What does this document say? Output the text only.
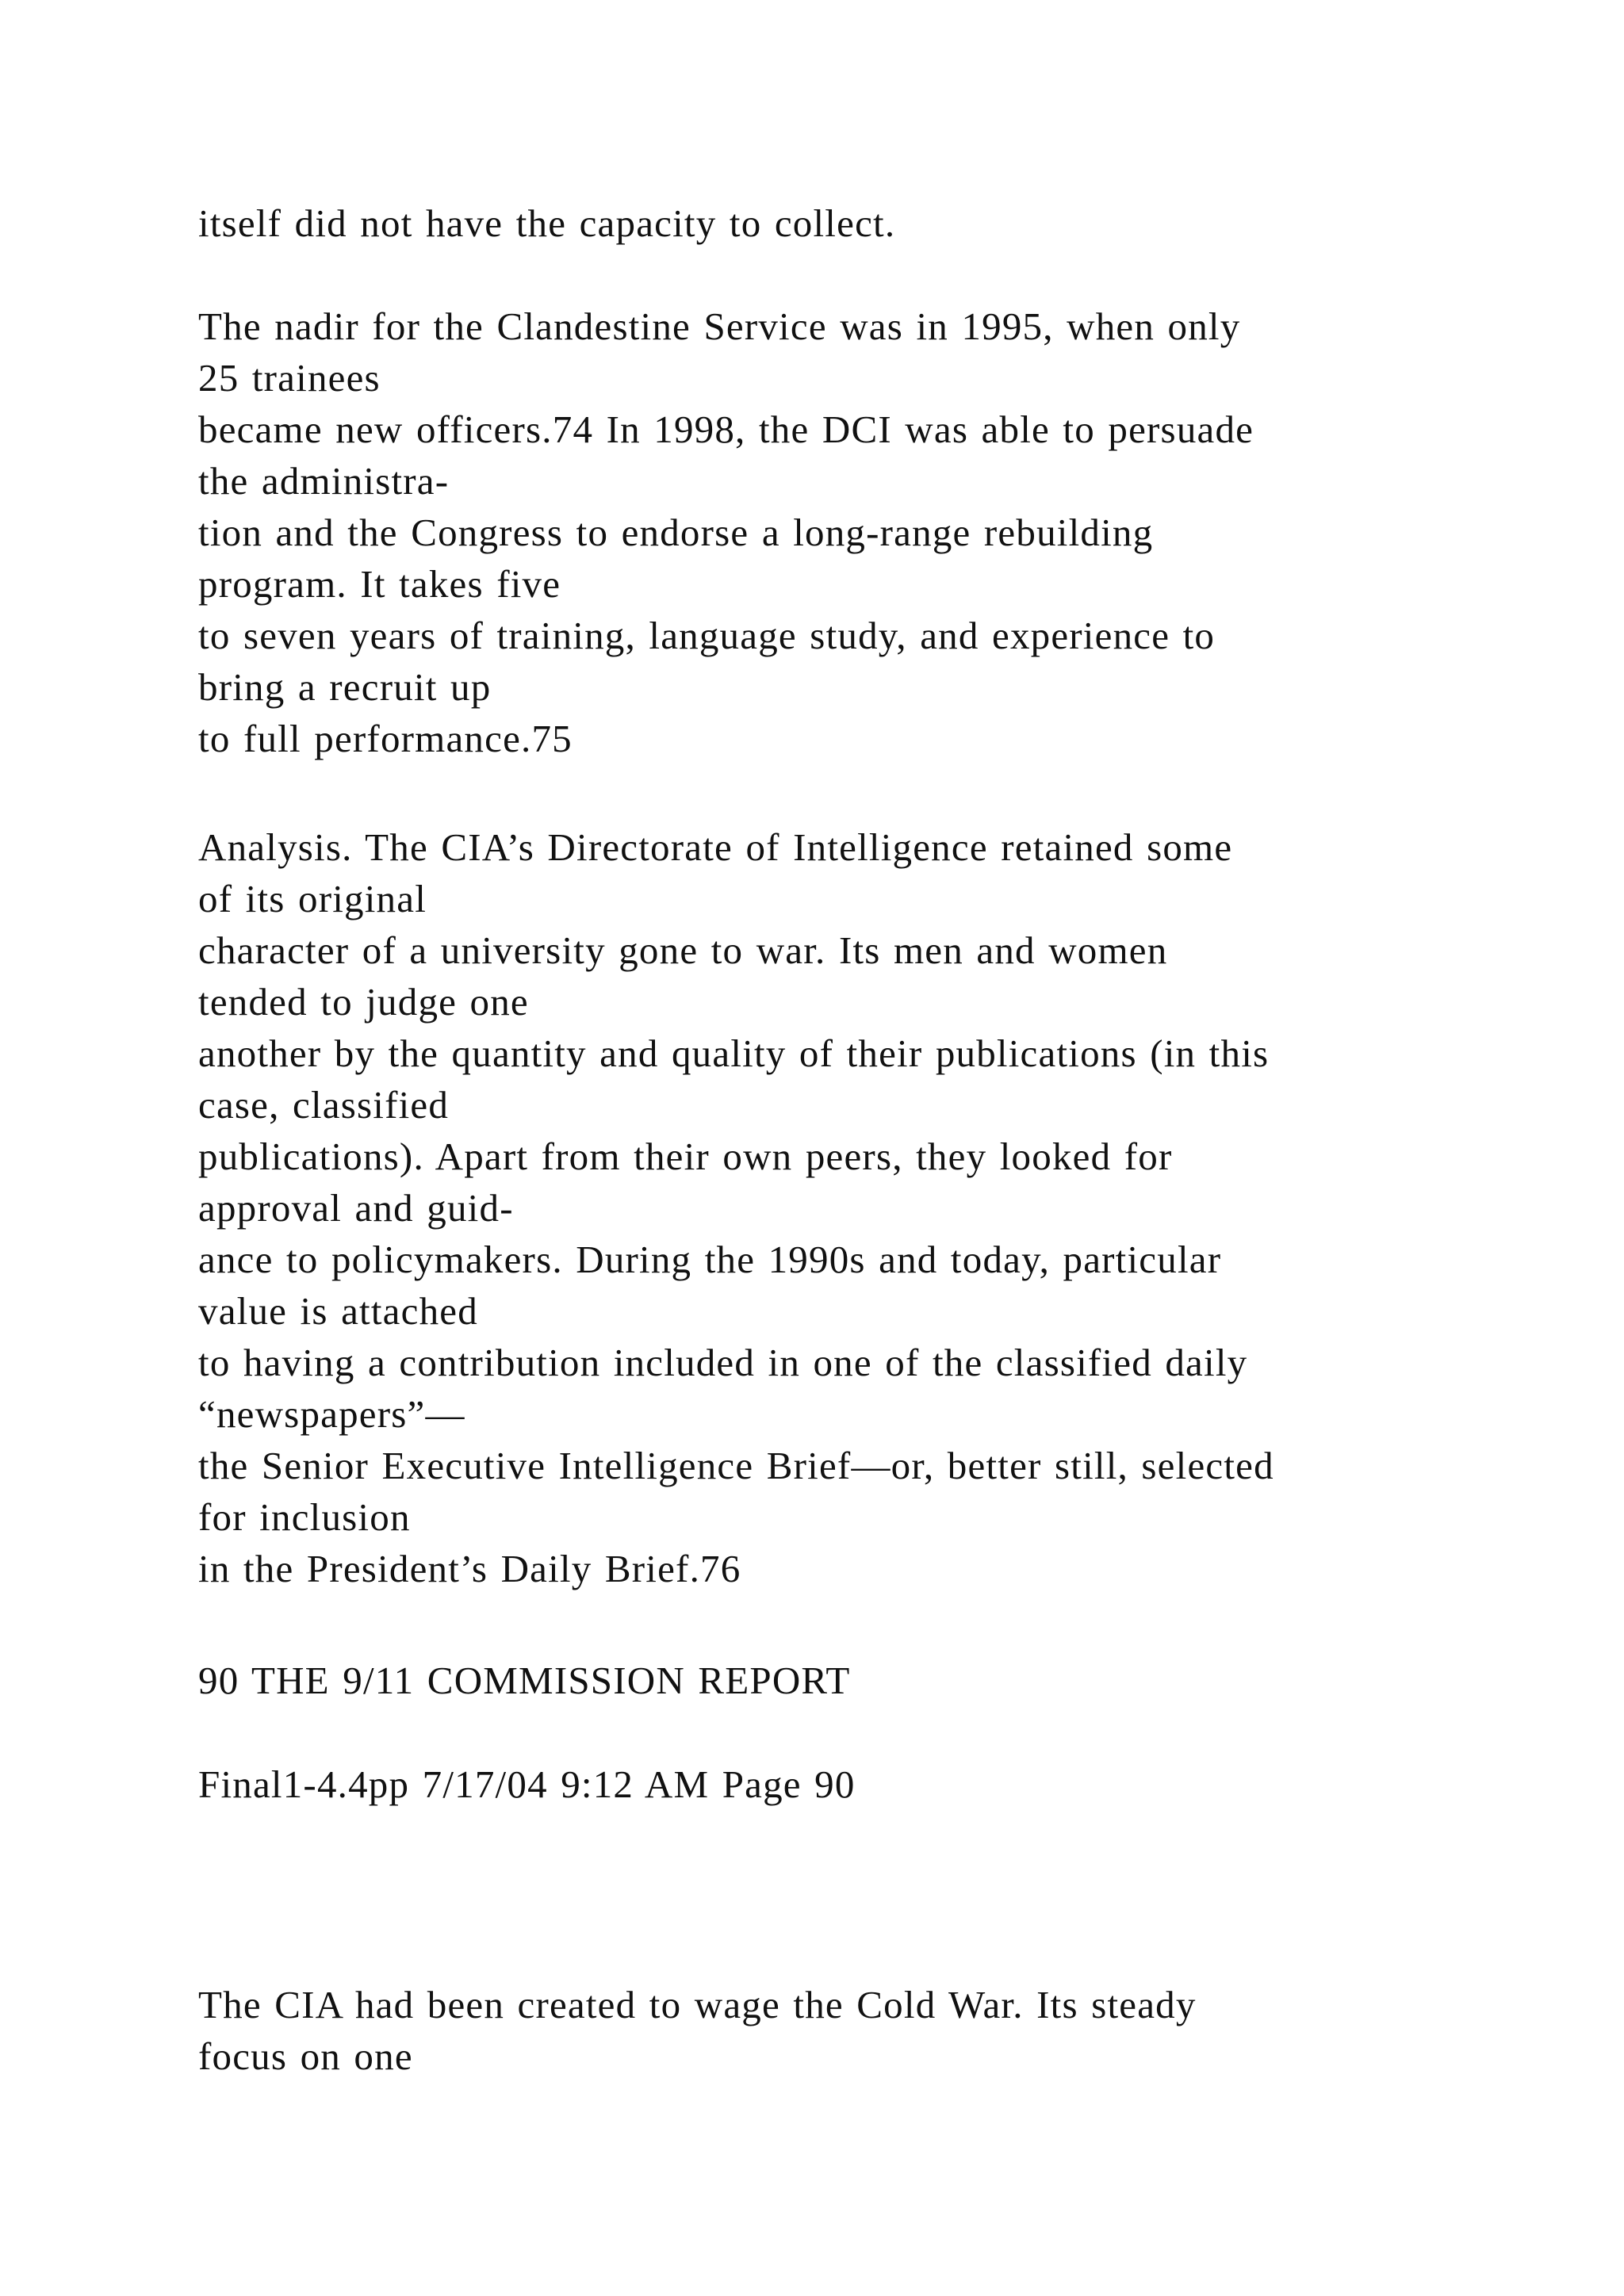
itself did not have the capacity to collect.
The nadir for the Clandestine Service was in 1995, when only
25 trainees
became new officers.74 In 1998, the DCI was able to persuade
the administra-
tion and the Congress to endorse a long-range rebuilding
program. It takes five
to seven years of training, language study, and experience to
bring a recruit up
to full performance.75
Analysis. The CIA’s Directorate of Intelligence retained some
of its original
character of a university gone to war. Its men and women
tended to judge one
another by the quantity and quality of their publications (in this
case, classified
publications). Apart from their own peers, they looked for
approval and guid-
ance to policymakers. During the 1990s and today, particular
value is attached
to having a contribution included in one of the classified daily
“newspapers”—
the Senior Executive Intelligence Brief—or, better still, selected
for inclusion
in the President’s Daily Brief.76
90 THE 9/11 COMMISSION REPORT
Final1-4.4pp 7/17/04 9:12 AM Page 90
The CIA had been created to wage the Cold War. Its steady
focus on one
